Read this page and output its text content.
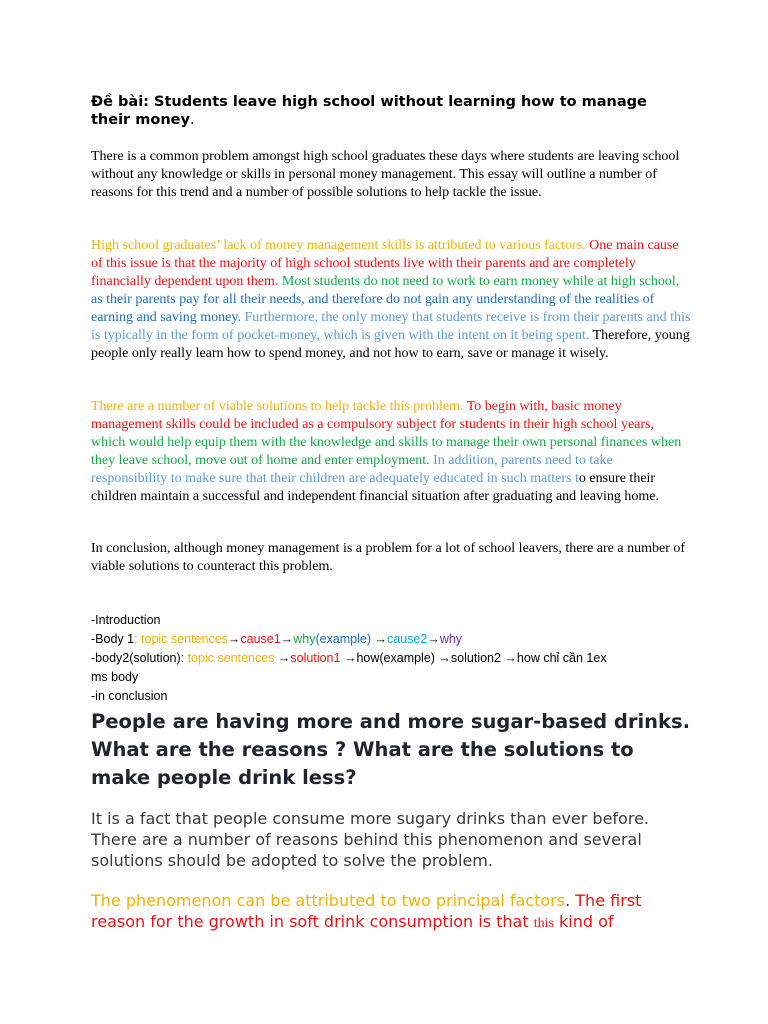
Đề bài: Students leave high school without learning how to manage their money.

There is a common problem amongst high school graduates these days where students are leaving school without any knowledge or skills in personal money management. This essay will outline a number of reasons for this trend and a number of possible solutions to help tackle the issue.

High school graduates’ lack of money management skills is attributed to various factors. One main cause of this issue is that the majority of high school students live with their parents and are completely financially dependent upon them. Most students do not need to work to earn money while at high school, as their parents pay for all their needs, and therefore do not gain any understanding of the realities of earning and saving money. Furthermore, the only money that students receive is from their parents and this is typically in the form of pocket-money, which is given with the intent on it being spent. Therefore, young people only really learn how to spend money, and not how to earn, save or manage it wisely.

There are a number of viable solutions to help tackle this problem. To begin with, basic money management skills could be included as a compulsory subject for students in their high school years, which would help equip them with the knowledge and skills to manage their own personal finances when they leave school, move out of home and enter employment. In addition, parents need to take responsibility to make sure that their children are adequately educated in such matters to ensure their children maintain a successful and independent financial situation after graduating and leaving home.

In conclusion, although money management is a problem for a lot of school leavers, there are a number of viable solutions to counteract this problem.

-Introduction
-Body 1: topic sentences→cause1→why(example) →cause2→why
-body2(solution): topic sentences →solution1 →how(example) →solution2 →how chỉ cần 1ex
ms body
-in conclusion
People are having more and more sugar-based drinks. What are the reasons ? What are the solutions to make people drink less?

It is a fact that people consume more sugary drinks than ever before. There are a number of reasons behind this phenomenon and several solutions should be adopted to solve the problem.

The phenomenon can be attributed to two principal factors. The first reason for the growth in soft drink consumption is that this kind of
